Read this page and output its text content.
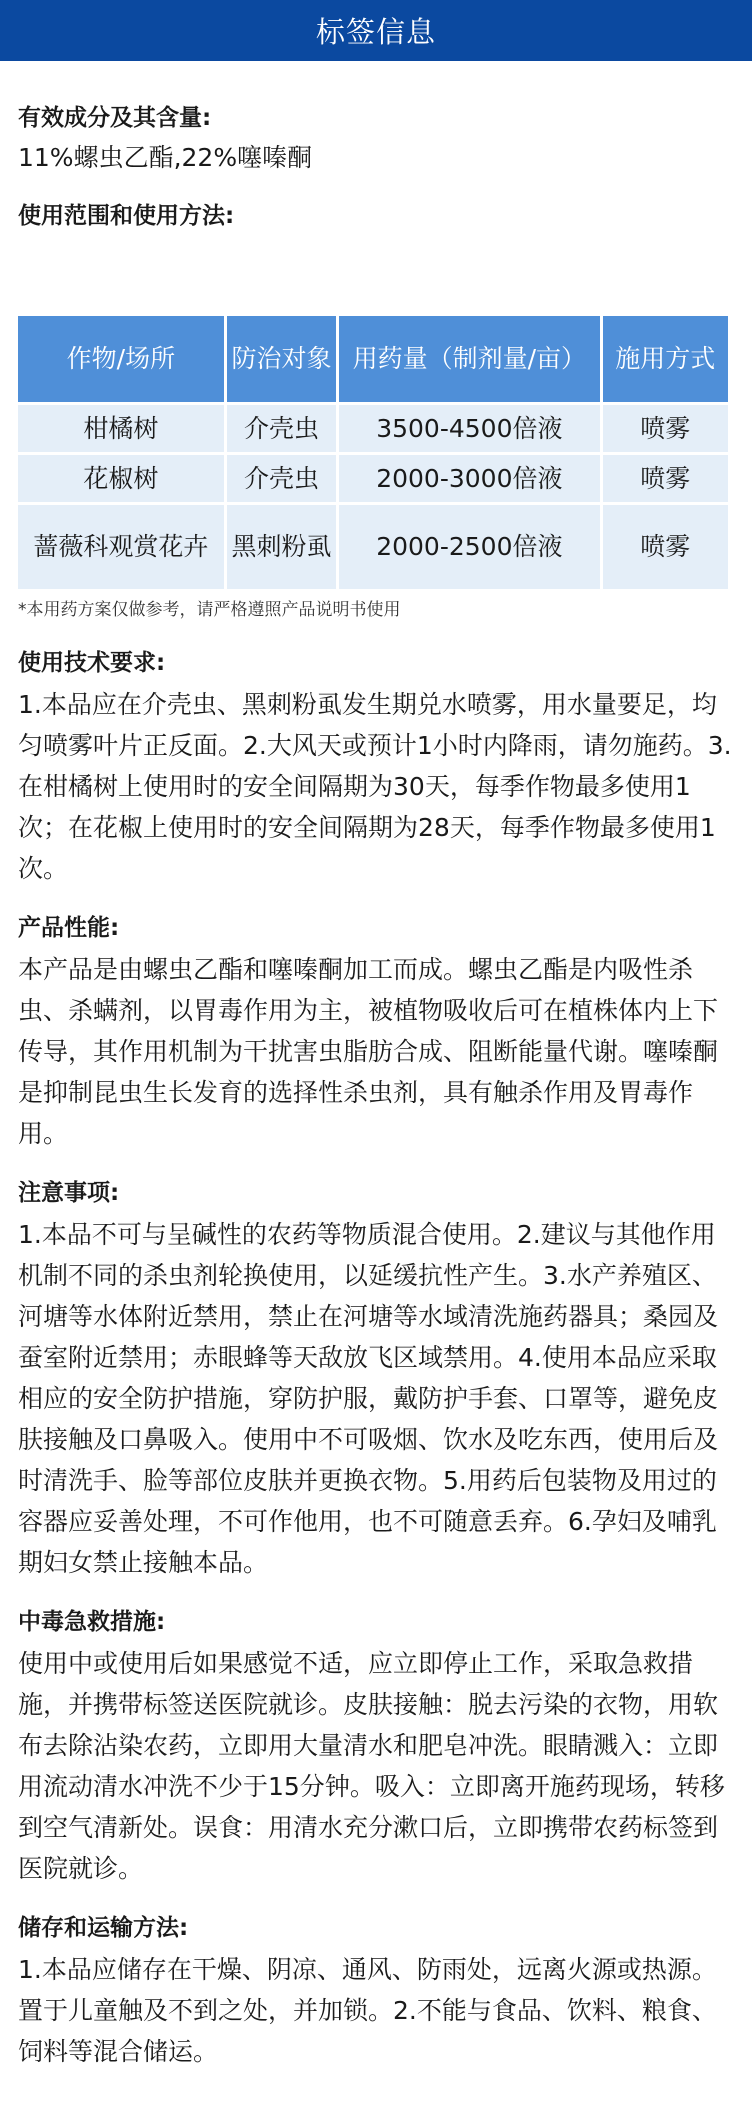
标签信息
有效成分及其含量:
11%螺虫乙酯,22%噻嗪酮
使用范围和使用方法:
作物/场所	防治对象	用药量（制剂量/亩）	施用方式
柑橘树	介壳虫	3500-4500倍液	喷雾
花椒树	介壳虫	2000-3000倍液	喷雾
蔷薇科观赏花卉	黑刺粉虱	2000-2500倍液	喷雾
*本用药方案仅做参考，请严格遵照产品说明书使用
使用技术要求:
1.本品应在介壳虫、黑刺粉虱发生期兑水喷雾，用水量要足，均匀喷雾叶片正反面。2.大风天或预计1小时内降雨，请勿施药。3.在柑橘树上使用时的安全间隔期为30天，每季作物最多使用1次；在花椒上使用时的安全间隔期为28天，每季作物最多使用1次。
产品性能:
本产品是由螺虫乙酯和噻嗪酮加工而成。螺虫乙酯是内吸性杀虫、杀螨剂，以胃毒作用为主，被植物吸收后可在植株体内上下传导，其作用机制为干扰害虫脂肪合成、阻断能量代谢。噻嗪酮是抑制昆虫生长发育的选择性杀虫剂，具有触杀作用及胃毒作用。
注意事项:
1.本品不可与呈碱性的农药等物质混合使用。2.建议与其他作用机制不同的杀虫剂轮换使用，以延缓抗性产生。3.水产养殖区、河塘等水体附近禁用，禁止在河塘等水域清洗施药器具；桑园及蚕室附近禁用；赤眼蜂等天敌放飞区域禁用。4.使用本品应采取相应的安全防护措施，穿防护服，戴防护手套、口罩等，避免皮肤接触及口鼻吸入。使用中不可吸烟、饮水及吃东西，使用后及时清洗手、脸等部位皮肤并更换衣物。5.用药后包装物及用过的容器应妥善处理，不可作他用，也不可随意丢弃。6.孕妇及哺乳期妇女禁止接触本品。
中毒急救措施:
使用中或使用后如果感觉不适，应立即停止工作，采取急救措施，并携带标签送医院就诊。皮肤接触：脱去污染的衣物，用软布去除沾染农药，立即用大量清水和肥皂冲洗。眼睛溅入：立即用流动清水冲洗不少于15分钟。吸入：立即离开施药现场，转移到空气清新处。误食：用清水充分漱口后，立即携带农药标签到医院就诊。
储存和运输方法:
1.本品应储存在干燥、阴凉、通风、防雨处，远离火源或热源。置于儿童触及不到之处，并加锁。2.不能与食品、饮料、粮食、饲料等混合储运。
